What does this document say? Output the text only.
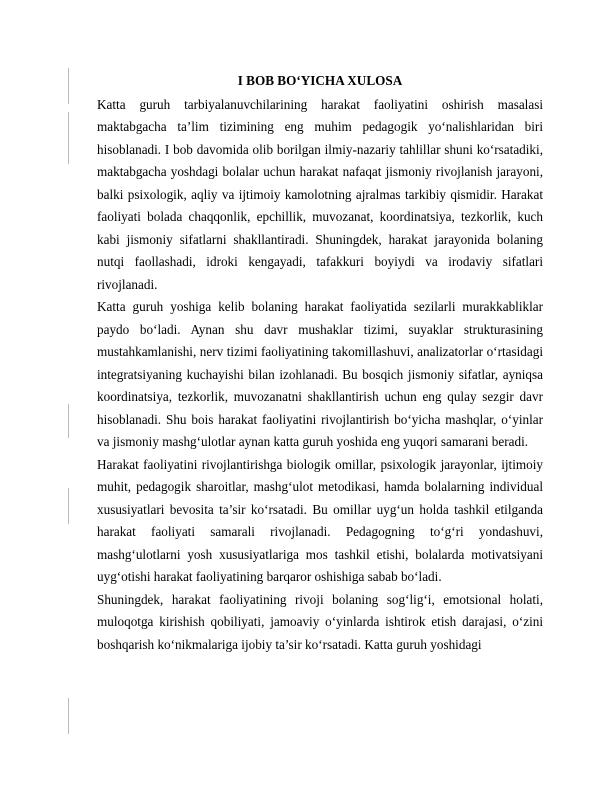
I BOB BO‘YICHA XULOSA

Katta guruh tarbiyalanuvchilarining harakat faoliyatini oshirish masalasi maktabgacha ta’lim tizimining eng muhim pedagogik yo‘nalishlaridan biri hisoblanadi. I bob davomida olib borilgan ilmiy-nazariy tahlillar shuni ko‘rsatadiki, maktabgacha yoshdagi bolalar uchun harakat nafaqat jismoniy rivojlanish jarayoni, balki psixologik, aqliy va ijtimoiy kamolotning ajralmas tarkibiy qismidir. Harakat faoliyati bolada chaqqonlik, epchillik, muvozanat, koordinatsiya, tezkorlik, kuch kabi jismoniy sifatlarni shakllantiradi. Shuningdek, harakat jarayonida bolaning nutqi faollashadi, idroki kengayadi, tafakkuri boyiydi va irodaviy sifatlari rivojlanadi.

Katta guruh yoshiga kelib bolaning harakat faoliyatida sezilarli murakkabliklar paydo bo‘ladi. Aynan shu davr mushaklar tizimi, suyaklar strukturasining mustahkamlanishi, nerv tizimi faoliyatining takomillashuvi, analizatorlar o‘rtasidagi integratsiyaning kuchayishi bilan izohlanadi. Bu bosqich jismoniy sifatlar, ayniqsa koordinatsiya, tezkorlik, muvozanatni shakllantirish uchun eng qulay sezgir davr hisoblanadi. Shu bois harakat faoliyatini rivojlantirish bo‘yicha mashqlar, o‘yinlar va jismoniy mashg‘ulotlar aynan katta guruh yoshida eng yuqori samarani beradi.

Harakat faoliyatini rivojlantirishga biologik omillar, psixologik jarayonlar, ijtimoiy muhit, pedagogik sharoitlar, mashg‘ulot metodikasi, hamda bolalarning individual xususiyatlari bevosita ta’sir ko‘rsatadi. Bu omillar uyg‘un holda tashkil etilganda harakat faoliyati samarali rivojlanadi. Pedagogning to‘g‘ri yondashuvi, mashg‘ulotlarni yosh xususiyatlariga mos tashkil etishi, bolalarda motivatsiyani uyg‘otishi harakat faoliyatining barqaror oshishiga sabab bo‘ladi.

Shuningdek, harakat faoliyatining rivoji bolaning sog‘lig‘i, emotsional holati, muloqotga kirishish qobiliyati, jamoaviy o‘yinlarda ishtirok etish darajasi, o‘zini boshqarish ko‘nikmalariga ijobiy ta’sir ko‘rsatadi. Katta guruh yoshidagi
